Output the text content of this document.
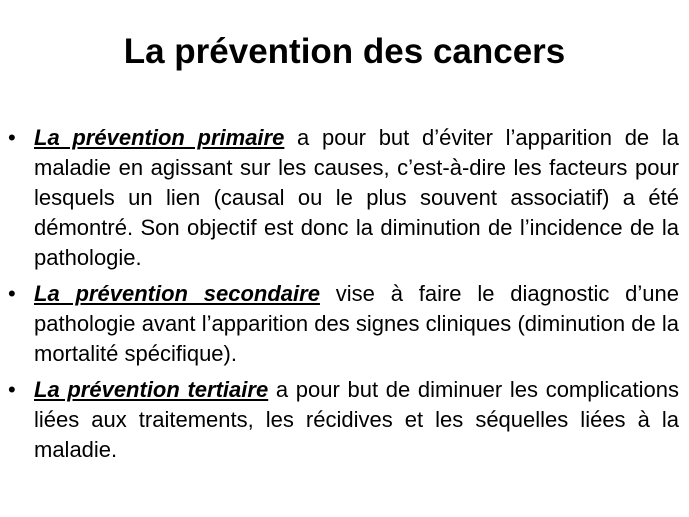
La prévention des cancers
• La prévention primaire a pour but d’éviter l’apparition de la maladie en agissant sur les causes, c’est-à-dire les facteurs pour lesquels un lien (causal ou le plus souvent associatif) a été démontré. Son objectif est donc la diminution de l’incidence de la pathologie.
• La prévention secondaire vise à faire le diagnostic d’une pathologie avant l’apparition des signes cliniques (diminution de la mortalité spécifique).
• La prévention tertiaire a pour but de diminuer les complications liées aux traitements, les récidives et les séquelles liées à la maladie.
